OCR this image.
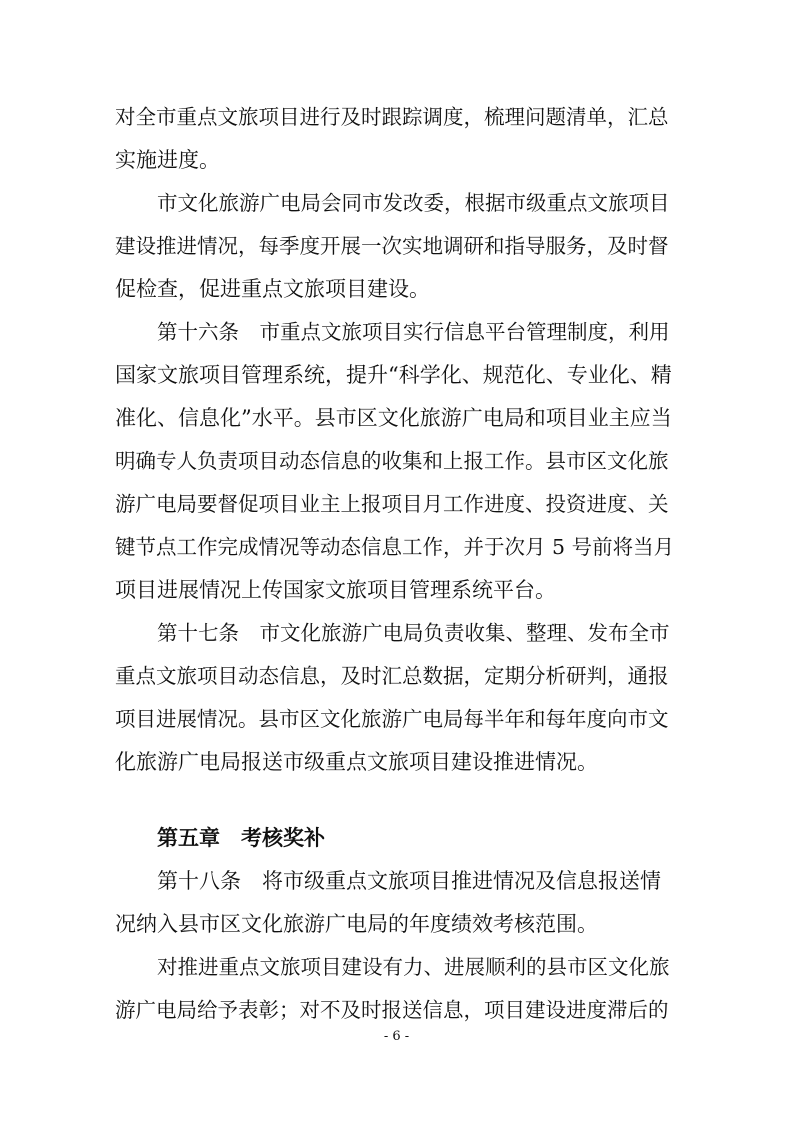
对全市重点文旅项目进行及时跟踪调度，梳理问题清单，汇总
实施进度。
市文化旅游广电局会同市发改委，根据市级重点文旅项目
建设推进情况，每季度开展一次实地调研和指导服务，及时督
促检查，促进重点文旅项目建设。
第十六条　市重点文旅项目实行信息平台管理制度，利用
国家文旅项目管理系统，提升“科学化、规范化、专业化、精
准化、信息化”水平。县市区文化旅游广电局和项目业主应当
明确专人负责项目动态信息的收集和上报工作。县市区文化旅
游广电局要督促项目业主上报项目月工作进度、投资进度、关
键节点工作完成情况等动态信息工作，并于次月 5 号前将当月
项目进展情况上传国家文旅项目管理系统平台。
第十七条　市文化旅游广电局负责收集、整理、发布全市
重点文旅项目动态信息，及时汇总数据，定期分析研判，通报
项目进展情况。县市区文化旅游广电局每半年和每年度向市文
化旅游广电局报送市级重点文旅项目建设推进情况。
第五章　考核奖补
第十八条　将市级重点文旅项目推进情况及信息报送情
况纳入县市区文化旅游广电局的年度绩效考核范围。
对推进重点文旅项目建设有力、进展顺利的县市区文化旅
游广电局给予表彰；对不及时报送信息，项目建设进度滞后的
- 6 -
